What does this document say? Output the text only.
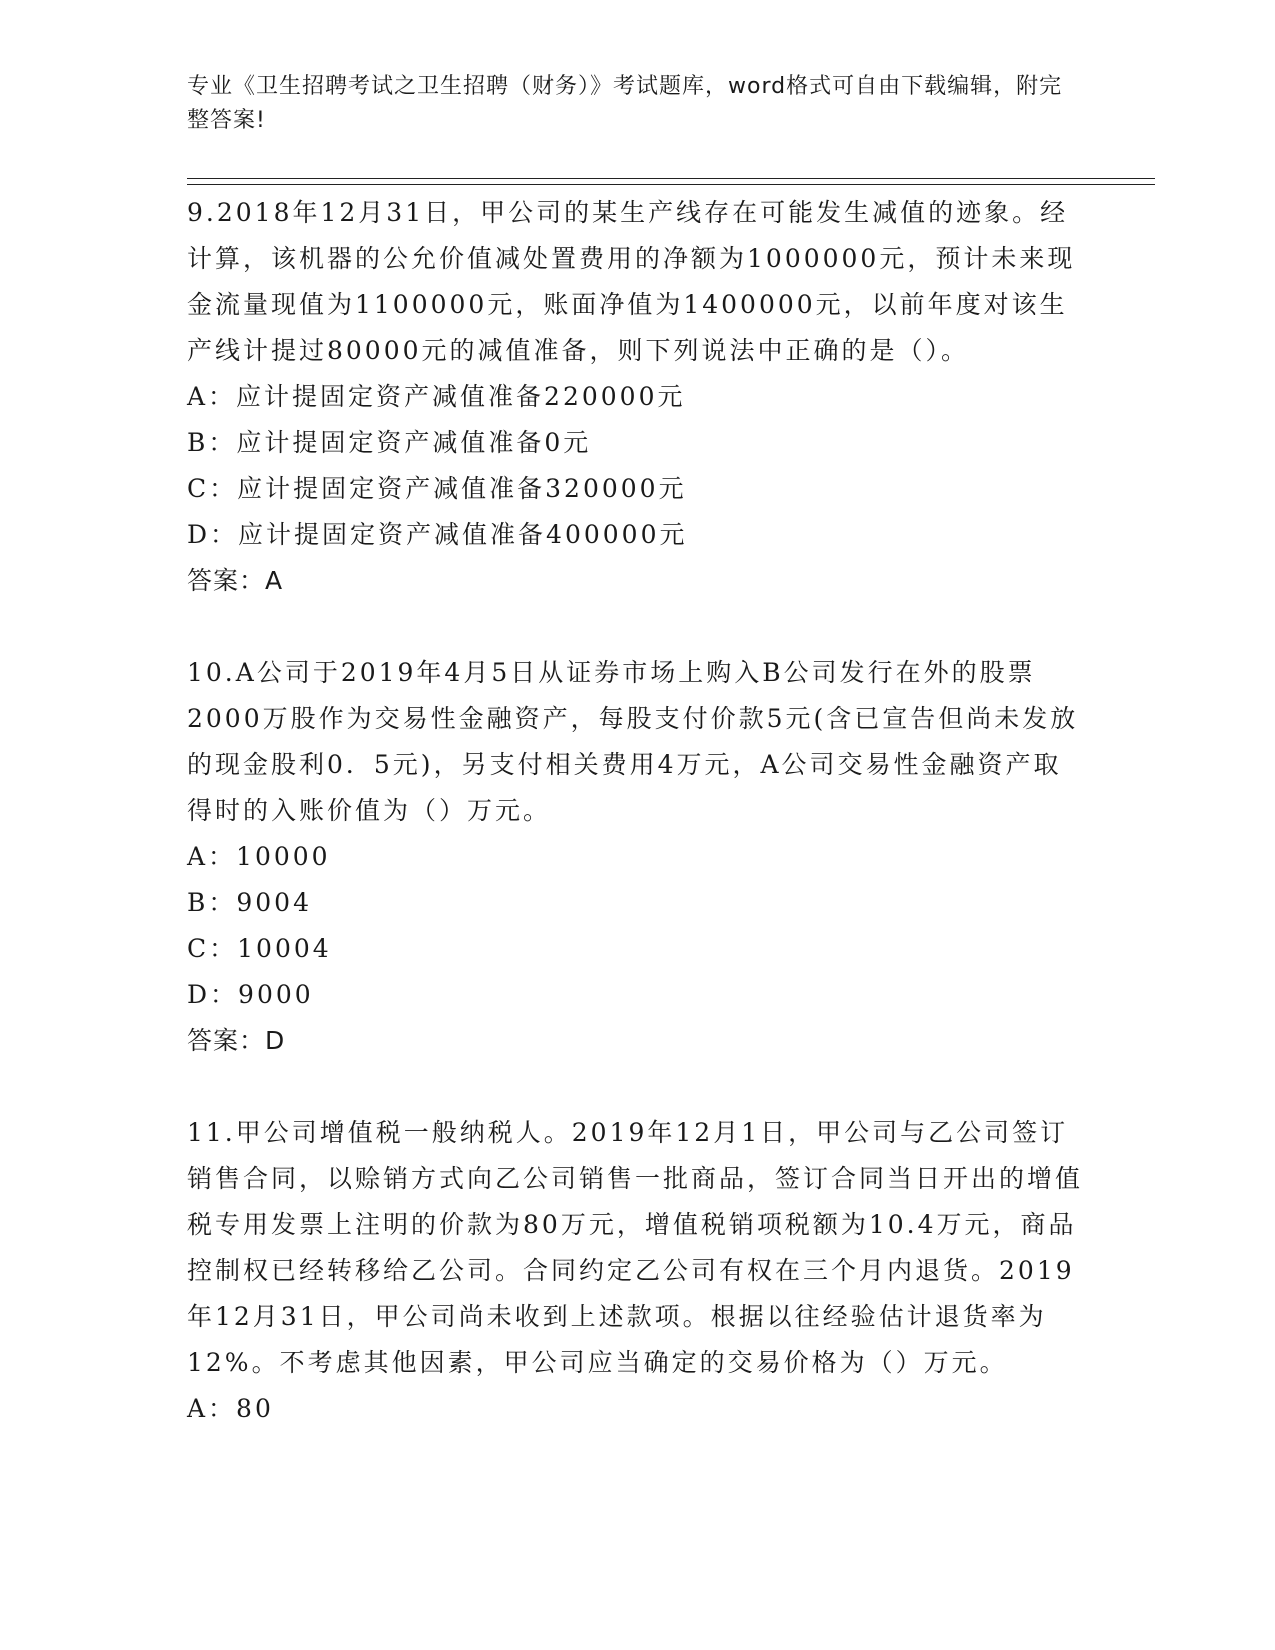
专业《卫生招聘考试之卫生招聘（财务）》考试题库，word格式可自由下载编辑，附完整答案!

9.2018年12月31日，甲公司的某生产线存在可能发生减值的迹象。经计算，该机器的公允价值减处置费用的净额为1000000元，预计未来现金流量现值为1100000元，账面净值为1400000元，以前年度对该生产线计提过80000元的减值准备，则下列说法中正确的是（）。

A：应计提固定资产减值准备220000元

B：应计提固定资产减值准备0元

C：应计提固定资产减值准备320000元

D：应计提固定资产减值准备400000元

答案：A

10.A公司于2019年4月5日从证券市场上购入B公司发行在外的股票2000万股作为交易性金融资产，每股支付价款5元(含已宣告但尚未发放的现金股利0．5元)，另支付相关费用4万元，A公司交易性金融资产取得时的入账价值为（）万元。

A：10000

B：9004

C：10004

D：9000

答案：D

11.甲公司增值税一般纳税人。2019年12月1日，甲公司与乙公司签订销售合同，以赊销方式向乙公司销售一批商品，签订合同当日开出的增值税专用发票上注明的价款为80万元，增值税销项税额为10.4万元，商品控制权已经转移给乙公司。合同约定乙公司有权在三个月内退货。2019年12月31日，甲公司尚未收到上述款项。根据以往经验估计退货率为12%。不考虑其他因素，甲公司应当确定的交易价格为（）万元。

A：80
